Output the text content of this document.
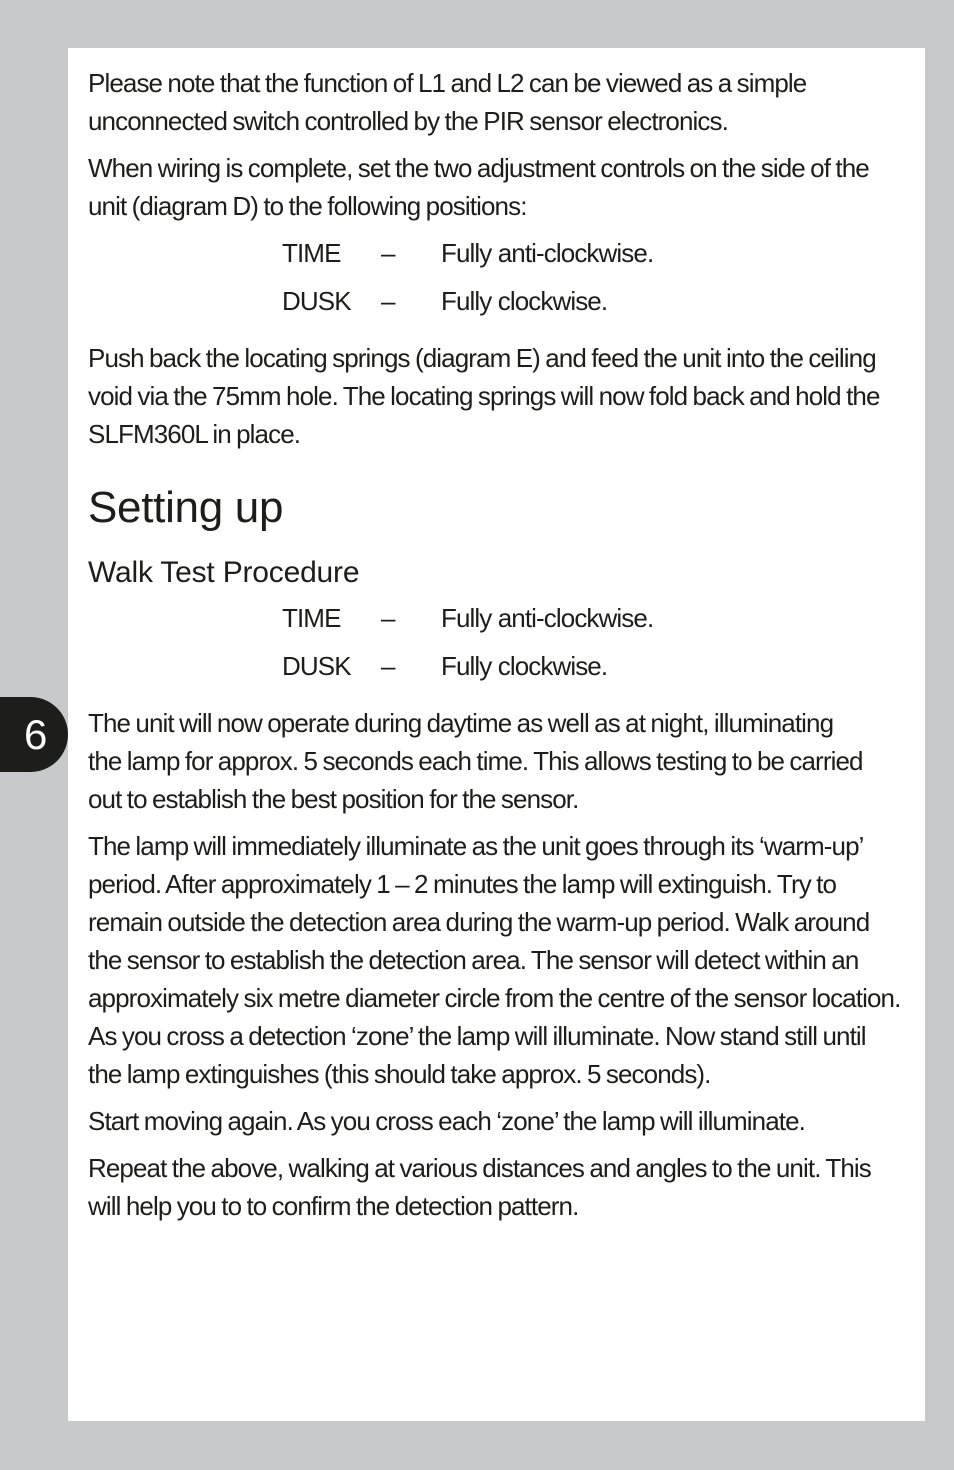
Please note that the function of L1 and L2 can be viewed as a simple unconnected switch controlled by the PIR sensor electronics.

When wiring is complete, set the two adjustment controls on the side of the unit (diagram D) to the following positions:

TIME – Fully anti-clockwise.
DUSK – Fully clockwise.

Push back the locating springs (diagram E) and feed the unit into the ceiling void via the 75mm hole. The locating springs will now fold back and hold the SLFM360L in place.

Setting up
Walk Test Procedure
TIME – Fully anti-clockwise.
DUSK – Fully clockwise.

The unit will now operate during daytime as well as at night, illuminating the lamp for approx. 5 seconds each time. This allows testing to be carried out to establish the best position for the sensor.

The lamp will immediately illuminate as the unit goes through its ‘warm-up’ period. After approximately 1 – 2 minutes the lamp will extinguish. Try to remain outside the detection area during the warm-up period. Walk around the sensor to establish the detection area. The sensor will detect within an approximately six metre diameter circle from the centre of the sensor location. As you cross a detection ‘zone’ the lamp will illuminate. Now stand still until the lamp extinguishes (this should take approx. 5 seconds).

Start moving again. As you cross each ‘zone’ the lamp will illuminate.

Repeat the above, walking at various distances and angles to the unit. This will help you to to confirm the detection pattern.

6
